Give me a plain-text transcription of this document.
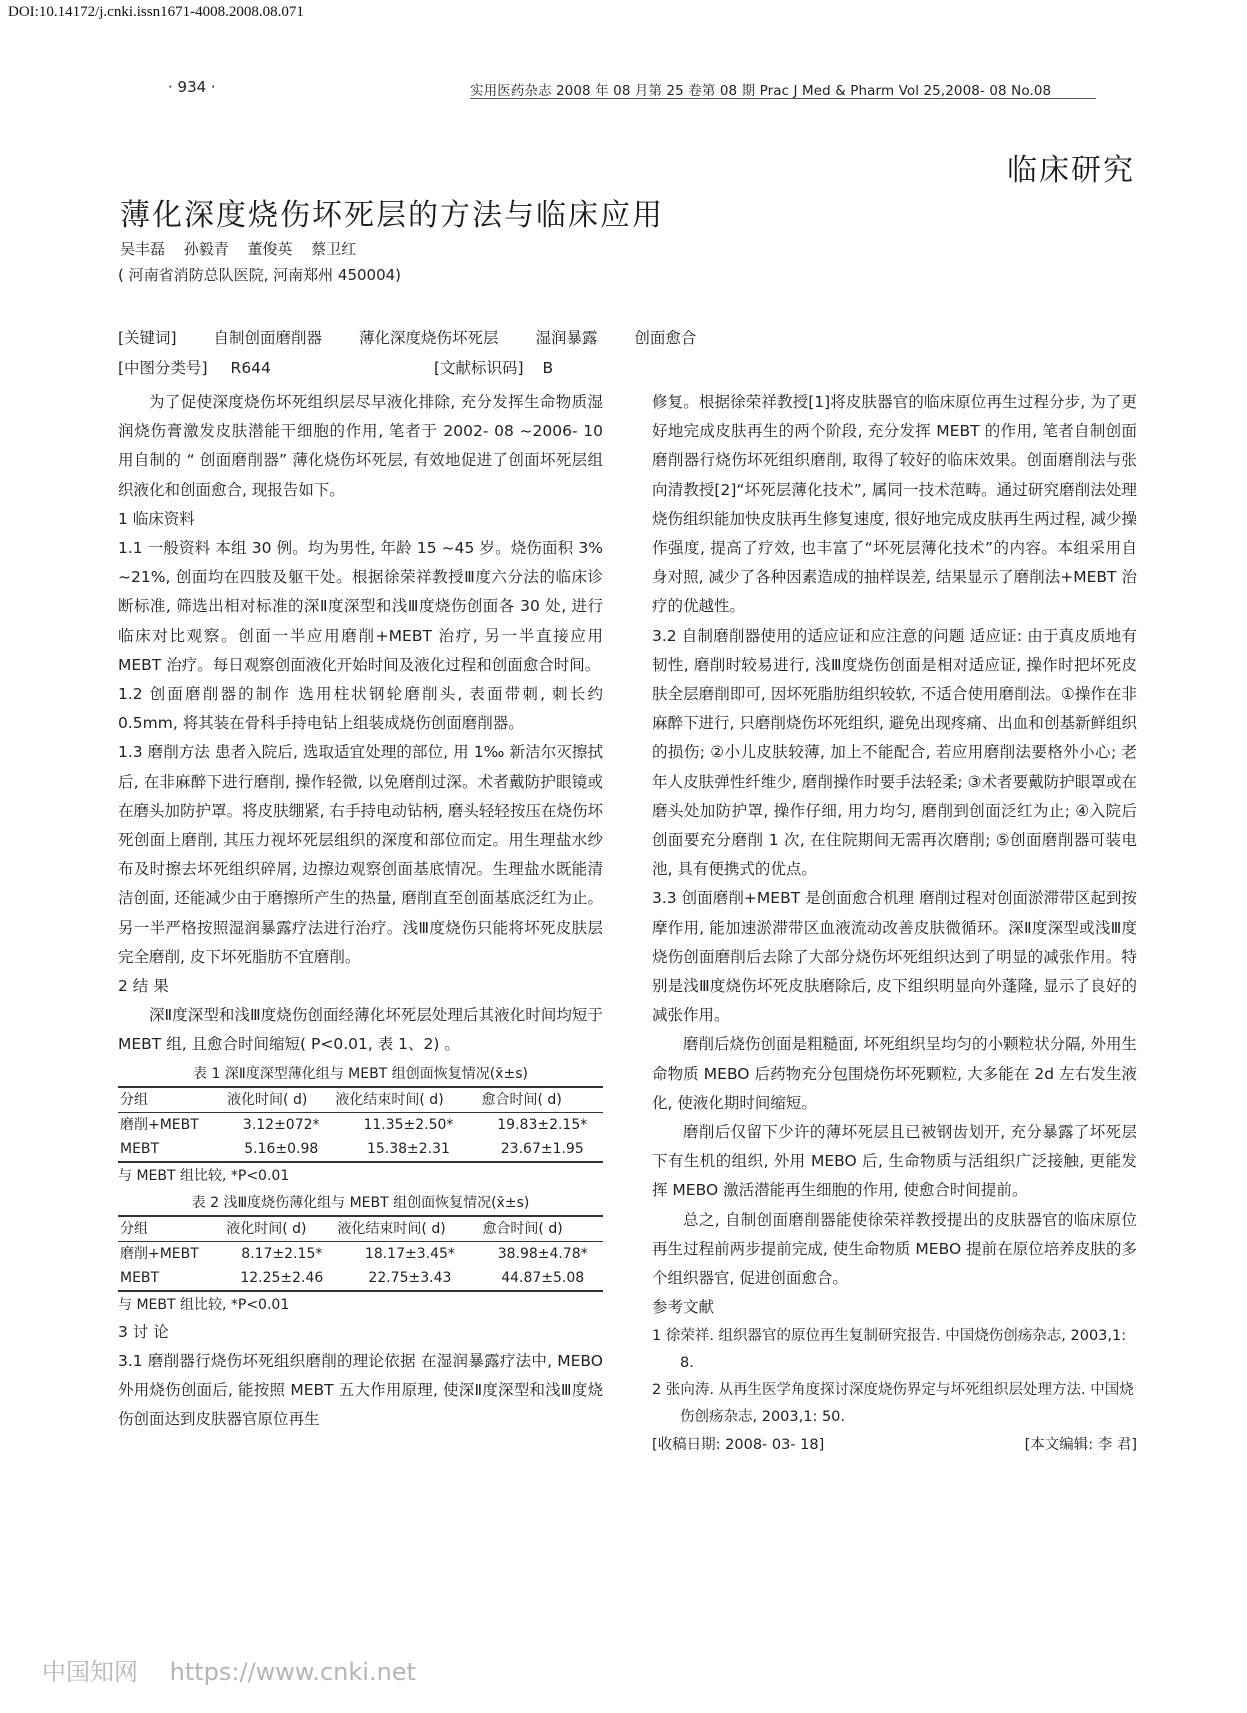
DOI:10.14172/j.cnki.issn1671-4008.2008.08.071
· 934 ·	实用医药杂志 2008 年 08 月第 25 卷第 08 期 Prac J Med & Pharm Vol 25,2008- 08 No.08
临床研究
薄化深度烧伤坏死层的方法与临床应用
吴丰磊 孙毅青 董俊英 蔡卫红
( 河南省消防总队医院, 河南郑州 450004)
[关键词] 自制创面磨削器 薄化深度烧伤坏死层 湿润暴露 创面愈合
[中图分类号] R644	[文献标识码] B

为了促使深度烧伤坏死组织层尽早液化排除, 充分发挥生命物质湿润烧伤膏激发皮肤潜能干细胞的作用, 笔者于 2002- 08 ~2006- 10 用自制的 “ 创面磨削器” 薄化烧伤坏死层, 有效地促进了创面坏死层组织液化和创面愈合, 现报告如下。

1 临床资料

1.1 一般资料 本组 30 例。均为男性, 年龄 15 ~45 岁。烧伤面积 3% ~21%, 创面均在四肢及躯干处。根据徐荣祥教授Ⅲ度六分法的临床诊断标准, 筛选出相对标准的深Ⅱ度深型和浅Ⅲ度烧伤创面各 30 处, 进行临床对比观察。创面一半应用磨削+MEBT 治疗, 另一半直接应用 MEBT 治疗。每日观察创面液化开始时间及液化过程和创面愈合时间。

1.2 创面磨削器的制作 选用柱状钢轮磨削头, 表面带刺, 刺长约 0.5mm, 将其装在骨科手持电钻上组装成烧伤创面磨削器。

1.3 磨削方法 患者入院后, 选取适宜处理的部位, 用 1‰ 新洁尔灭擦拭后, 在非麻醉下进行磨削, 操作轻微, 以免磨削过深。术者戴防护眼镜或在磨头加防护罩。将皮肤绷紧, 右手持电动钻柄, 磨头轻轻按压在烧伤坏死创面上磨削, 其压力视坏死层组织的深度和部位而定。用生理盐水纱布及时擦去坏死组织碎屑, 边擦边观察创面基底情况。生理盐水既能清洁创面, 还能减少由于磨擦所产生的热量, 磨削直至创面基底泛红为止。另一半严格按照湿润暴露疗法进行治疗。浅Ⅲ度烧伤只能将坏死皮肤层完全磨削, 皮下坏死脂肪不宜磨削。

2 结 果

深Ⅱ度深型和浅Ⅲ度烧伤创面经薄化坏死层处理后其液化时间均短于 MEBT 组, 且愈合时间缩短( P<0.01, 表 1、2) 。

表 1 深Ⅱ度深型薄化组与 MEBT 组创面恢复情况(x̄±s)
分组	液化时间( d)	液化结束时间( d)	愈合时间( d)
磨削+MEBT	3.12±072*	11.35±2.50*	19.83±2.15*
MEBT	5.16±0.98	15.38±2.31	23.67±1.95
与 MEBT 组比较, *P<0.01
表 2 浅Ⅲ度烧伤薄化组与 MEBT 组创面恢复情况(x̄±s)
分组	液化时间( d)	液化结束时间( d)	愈合时间( d)
磨削+MEBT	8.17±2.15*	18.17±3.45*	38.98±4.78*
MEBT	12.25±2.46	22.75±3.43	44.87±5.08
与 MEBT 组比较, *P<0.01

3 讨 论

3.1 磨削器行烧伤坏死组织磨削的理论依据 在湿润暴露疗法中, MEBO 外用烧伤创面后, 能按照 MEBT 五大作用原理, 使深Ⅱ度深型和浅Ⅲ度烧伤创面达到皮肤器官原位再生

修复。根据徐荣祥教授[1]将皮肤器官的临床原位再生过程分步, 为了更好地完成皮肤再生的两个阶段, 充分发挥 MEBT 的作用, 笔者自制创面磨削器行烧伤坏死组织磨削, 取得了较好的临床效果。创面磨削法与张向清教授[2]“坏死层薄化技术”, 属同一技术范畴。通过研究磨削法处理烧伤组织能加快皮肤再生修复速度, 很好地完成皮肤再生两过程, 减少操作强度, 提高了疗效, 也丰富了“坏死层薄化技术”的内容。本组采用自身对照, 减少了各种因素造成的抽样误差, 结果显示了磨削法+MEBT 治疗的优越性。

3.2 自制磨削器使用的适应证和应注意的问题 适应证: 由于真皮质地有韧性, 磨削时较易进行, 浅Ⅲ度烧伤创面是相对适应证, 操作时把坏死皮肤全层磨削即可, 因坏死脂肪组织较软, 不适合使用磨削法。①操作在非麻醉下进行, 只磨削烧伤坏死组织, 避免出现疼痛、出血和创基新鲜组织的损伤; ②小儿皮肤较薄, 加上不能配合, 若应用磨削法要格外小心; 老年人皮肤弹性纤维少, 磨削操作时要手法轻柔; ③术者要戴防护眼罩或在磨头处加防护罩, 操作仔细, 用力均匀, 磨削到创面泛红为止; ④入院后创面要充分磨削 1 次, 在住院期间无需再次磨削; ⑤创面磨削器可装电池, 具有便携式的优点。

3.3 创面磨削+MEBT 是创面愈合机理 磨削过程对创面淤滞带区起到按摩作用, 能加速淤滞带区血液流动改善皮肤微循环。深Ⅱ度深型或浅Ⅲ度烧伤创面磨削后去除了大部分烧伤坏死组织达到了明显的减张作用。特别是浅Ⅲ度烧伤坏死皮肤磨除后, 皮下组织明显向外蓬隆, 显示了良好的减张作用。

磨削后烧伤创面是粗糙面, 坏死组织呈均匀的小颗粒状分隔, 外用生命物质 MEBO 后药物充分包围烧伤坏死颗粒, 大多能在 2d 左右发生液化, 使液化期时间缩短。

磨削后仅留下少许的薄坏死层且已被钢齿划开, 充分暴露了坏死层下有生机的组织, 外用 MEBO 后, 生命物质与活组织广泛接触, 更能发挥 MEBO 激活潜能再生细胞的作用, 使愈合时间提前。

总之, 自制创面磨削器能使徐荣祥教授提出的皮肤器官的临床原位再生过程前两步提前完成, 使生命物质 MEBO 提前在原位培养皮肤的多个组织器官, 促进创面愈合。

参考文献

1 徐荣祥. 组织器官的原位再生复制研究报告. 中国烧伤创疡杂志, 2003,1: 8.
2 张向涛. 从再生医学角度探讨深度烧伤界定与坏死组织层处理方法. 中国烧伤创疡杂志, 2003,1: 50.
[收稿日期: 2008- 03- 18]	[本文编辑: 李 君]
中国知网 https://www.cnki.net
